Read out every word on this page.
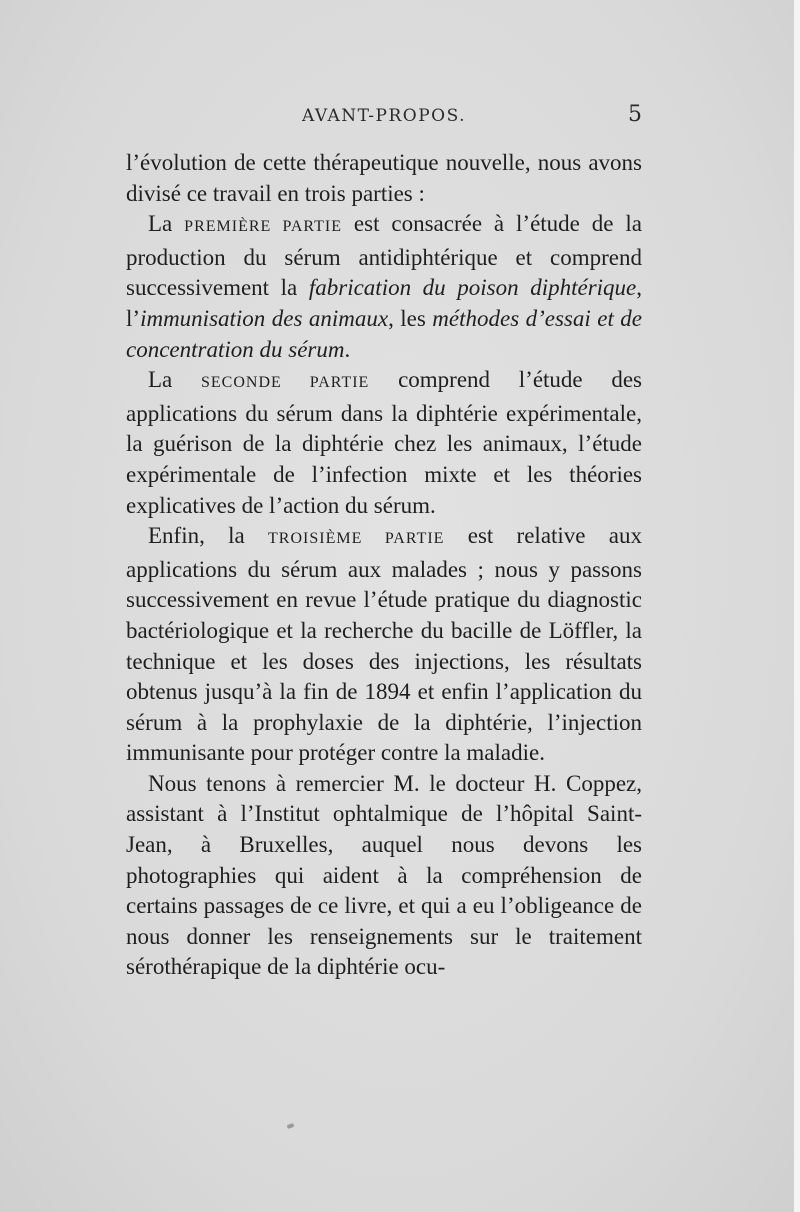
AVANT-PROPOS.	5

l’évolution de cette thérapeutique nouvelle, nous avons divisé ce travail en trois parties :

La PREMIÈRE PARTIE est consacrée à l’étude de la production du sérum antidiphtérique et comprend successivement la fabrication du poison diphtérique, l’immunisation des animaux, les méthodes d’essai et de concentration du sérum.

La SECONDE PARTIE comprend l’étude des applications du sérum dans la diphtérie expérimentale, la guérison de la diphtérie chez les animaux, l’étude expérimentale de l’infection mixte et les théories explicatives de l’action du sérum.

Enfin, la TROISIÈME PARTIE est relative aux applications du sérum aux malades ; nous y passons successivement en revue l’étude pratique du diagnostic bactériologique et la recherche du bacille de Löffler, la technique et les doses des injections, les résultats obtenus jusqu’à la fin de 1894 et enfin l’application du sérum à la prophylaxie de la diphtérie, l’injection immunisante pour protéger contre la maladie.

Nous tenons à remercier M. le docteur H. Coppez, assistant à l’Institut ophtalmique de l’hôpital Saint-Jean, à Bruxelles, auquel nous devons les photographies qui aident à la compréhension de certains passages de ce livre, et qui a eu l’obligeance de nous donner les renseignements sur le traitement sérothérapique de la diphtérie ocu-
